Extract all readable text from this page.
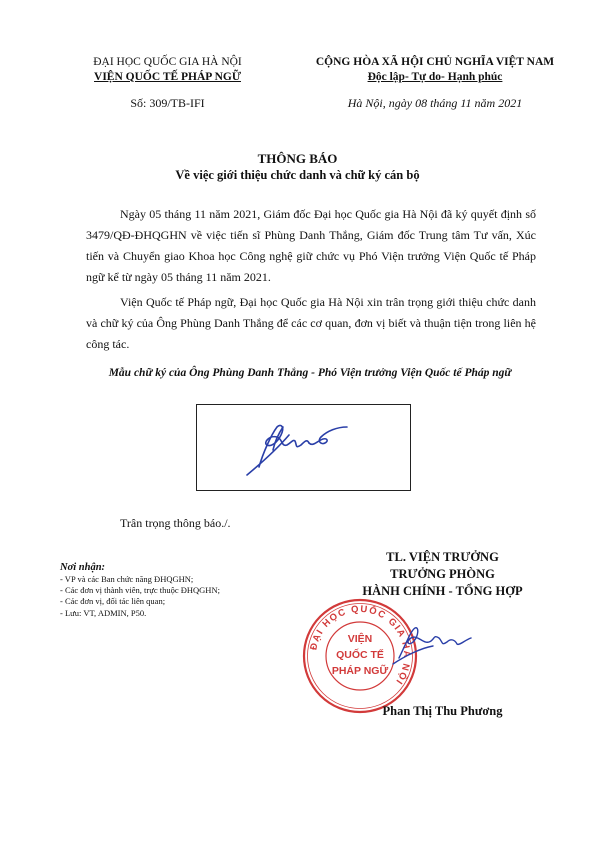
ĐẠI HỌC QUỐC GIA HÀ NỘI
VIỆN QUỐC TẾ PHÁP NGỮ
CỘNG HÒA XÃ HỘI CHỦ NGHĨA VIỆT NAM
Độc lập- Tự do- Hạnh phúc
Số: 309/TB-IFI	Hà Nội, ngày 08 tháng 11 năm 2021
THÔNG BÁO
Về việc giới thiệu chức danh và chữ ký cán bộ
Ngày 05 tháng 11 năm 2021, Giám đốc Đại học Quốc gia Hà Nội đã ký quyết định số 3479/QĐ-ĐHQGHN về việc tiến sĩ Phùng Danh Thắng, Giám đốc Trung tâm Tư vấn, Xúc tiến và Chuyển giao Khoa học Công nghệ giữ chức vụ Phó Viện trưởng Viện Quốc tế Pháp ngữ kể từ ngày 05 tháng 11 năm 2021.
Viện Quốc tế Pháp ngữ, Đại học Quốc gia Hà Nội xin trân trọng giới thiệu chức danh và chữ ký của Ông Phùng Danh Thắng để các cơ quan, đơn vị biết và thuận tiện trong liên hệ công tác.
Mẫu chữ ký của Ông Phùng Danh Thắng - Phó Viện trưởng Viện Quốc tế Pháp ngữ
Trân trọng thông báo./.
Nơi nhận:
- VP và các Ban chức năng ĐHQGHN;
- Các đơn vị thành viên, trực thuộc ĐHQGHN;
- Các đơn vị, đối tác liên quan;
- Lưu: VT, ADMIN, P50.
TL. VIỆN TRƯỞNG
TRƯỞNG PHÒNG
HÀNH CHÍNH - TỔNG HỢP
ĐẠI HỌC QUỐC GIA HÀ NỘI
VIỆN
QUỐC TẾ
PHÁP NGỮ
Phan Thị Thu Phương
